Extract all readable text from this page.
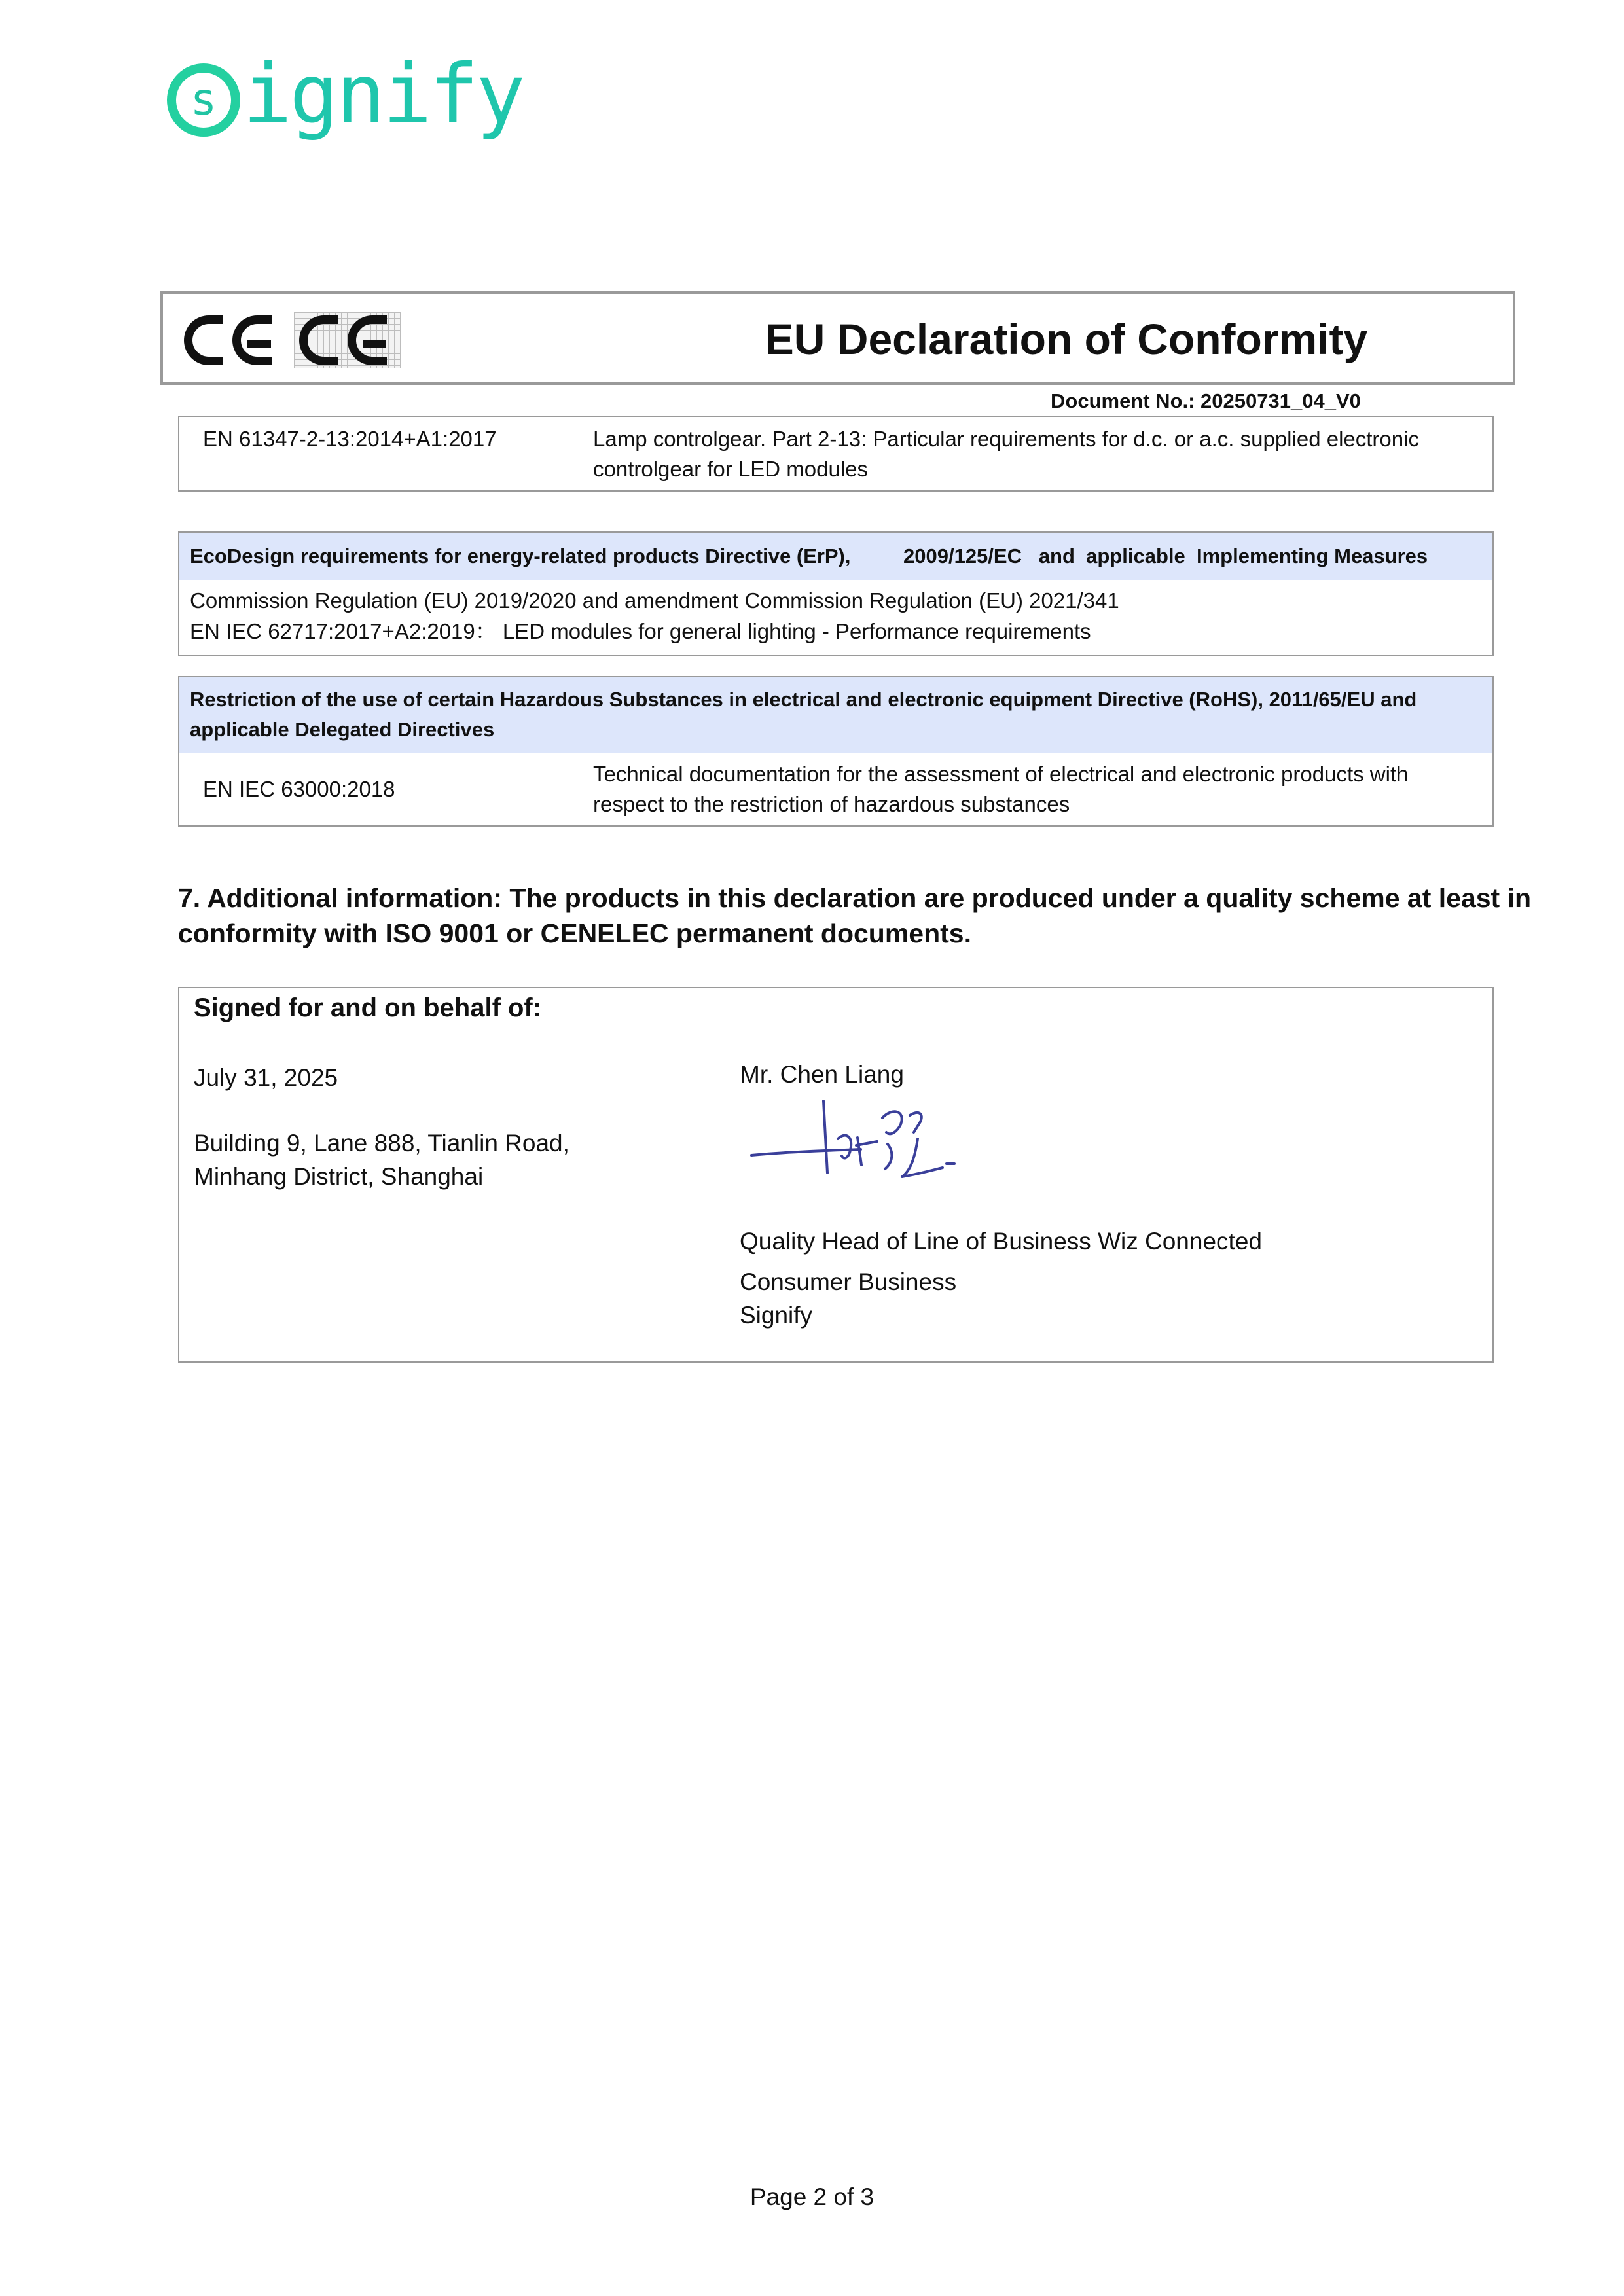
s ignify
EU Declaration of Conformity
Document No.: 20250731_04_V0
EN 61347-2-13:2014+A1:2017	Lamp controlgear. Part 2-13: Particular requirements for d.c. or a.c. supplied electronic
controlgear for LED modules
EcoDesign requirements for energy-related products Directive (ErP),	2009/125/EC   and  applicable  Implementing Measures
Commission Regulation (EU) 2019/2020 and amendment Commission Regulation (EU) 2021/341
EN IEC 62717:2017+A2:2019： LED modules for general lighting - Performance requirements
Restriction of the use of certain Hazardous Substances in electrical and electronic equipment Directive (RoHS), 2011/65/EU and
applicable Delegated Directives
EN IEC 63000:2018
Technical documentation for the assessment of electrical and electronic products with
respect to the restriction of hazardous substances
7. Additional information: The products in this declaration are produced under a quality scheme at least in
conformity with ISO 9001 or CENELEC permanent documents.
Signed for and on behalf of:
July 31, 2025
Building 9, Lane 888, Tianlin Road,
Minhang District, Shanghai
Mr. Chen Liang
Quality Head of Line of Business Wiz Connected
Consumer Business
Signify
Page 2 of 3
